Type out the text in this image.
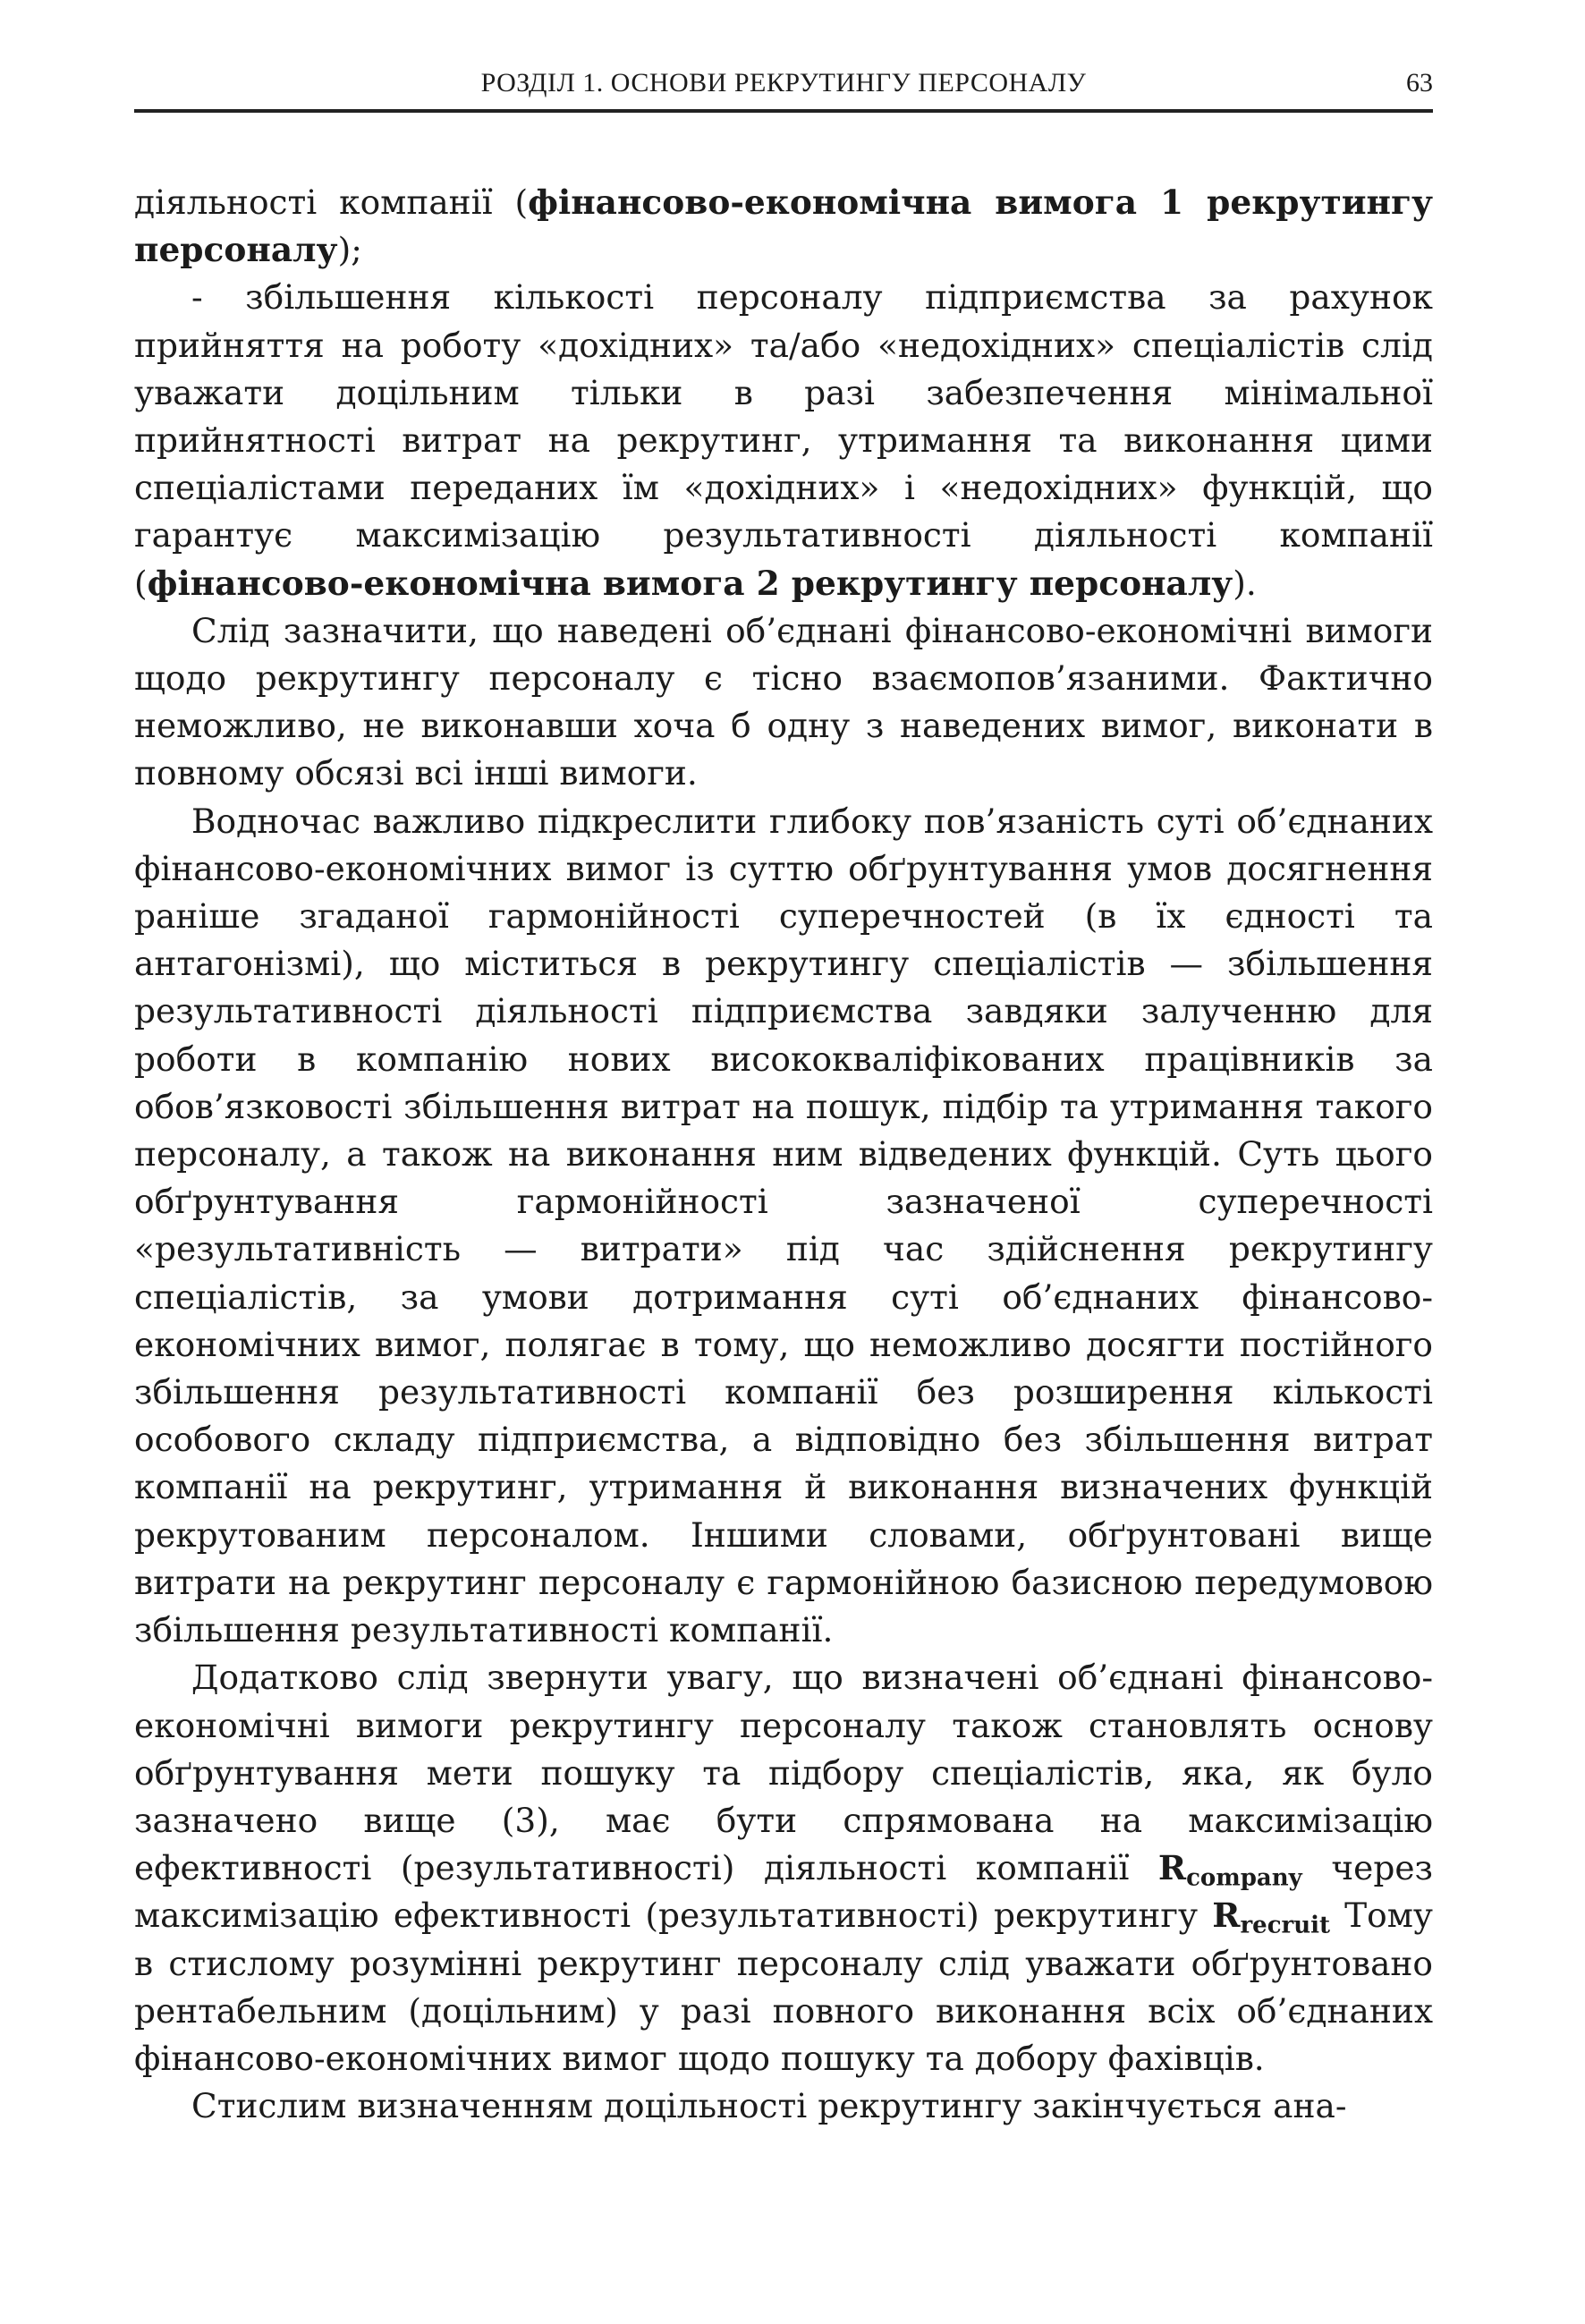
РОЗДІЛ 1. ОСНОВИ РЕКРУТИНГУ ПЕРСОНАЛУ	63

діяльності компанії (фінансово-економічна вимога 1 рекрутингу персоналу);

- збільшення кількості персоналу підприємства за рахунок прийняття на роботу «дохідних» та/або «недохідних» спеціалістів слід уважати доцільним тільки в разі забезпечення мінімальної прийнятності витрат на рекрутинг, утримання та виконання цими спеціалістами переданих їм «дохідних» і «недохідних» функцій, що гарантує максимізацію результативності діяльності компанії (фінансово-економічна вимога 2 рекрутингу персоналу).

Слід зазначити, що наведені об’єднані фінансово-економічні вимоги щодо рекрутингу персоналу є тісно взаємопов’язаними. Фактично неможливо, не виконавши хоча б одну з наведених вимог, виконати в повному обсязі всі інші вимоги.

Водночас важливо підкреслити глибоку пов’язаність суті об’єднаних фінансово-економічних вимог із суттю обґрунтування умов досягнення раніше згаданої гармонійності суперечностей (в їх єдності та антагонізмі), що міститься в рекрутингу спеціалістів — збільшення результативності діяльності підприємства завдяки залученню для роботи в компанію нових висококваліфікованих працівників за обов’язковості збільшення витрат на пошук, підбір та утримання такого персоналу, а також на виконання ним відведених функцій. Суть цього обґрунтування гармонійності зазначеної суперечності «результативність — витрати» під час здійснення рекрутингу спеціалістів, за умови дотримання суті об’єднаних фінансово-економічних вимог, полягає в тому, що неможливо досягти постійного збільшення результативності компанії без розширення кількості особового складу підприємства, а відповідно без збільшення витрат компанії на рекрутинг, утримання й виконання визначених функцій рекрутованим персоналом. Іншими словами, обґрунтовані вище витрати на рекрутинг персоналу є гармонійною базисною передумовою збільшення результативності компанії.

Додатково слід звернути увагу, що визначені об’єднані фінансово-економічні вимоги рекрутингу персоналу також становлять основу обґрунтування мети пошуку та підбору спеціалістів, яка, як було зазначено вище (3), має бути спрямована на максимізацію ефективності (результативності) діяльності компанії $R_{company}$ через максимізацію ефективності (результативності) рекрутингу $R_{recruit}$ Тому в стислому розумінні рекрутинг персоналу слід уважати обґрунтовано рентабельним (доцільним) у разі повного виконання всіх об’єднаних фінансово-економічних вимог щодо пошуку та добору фахівців.

Стислим визначенням доцільності рекрутингу закінчується ана-
